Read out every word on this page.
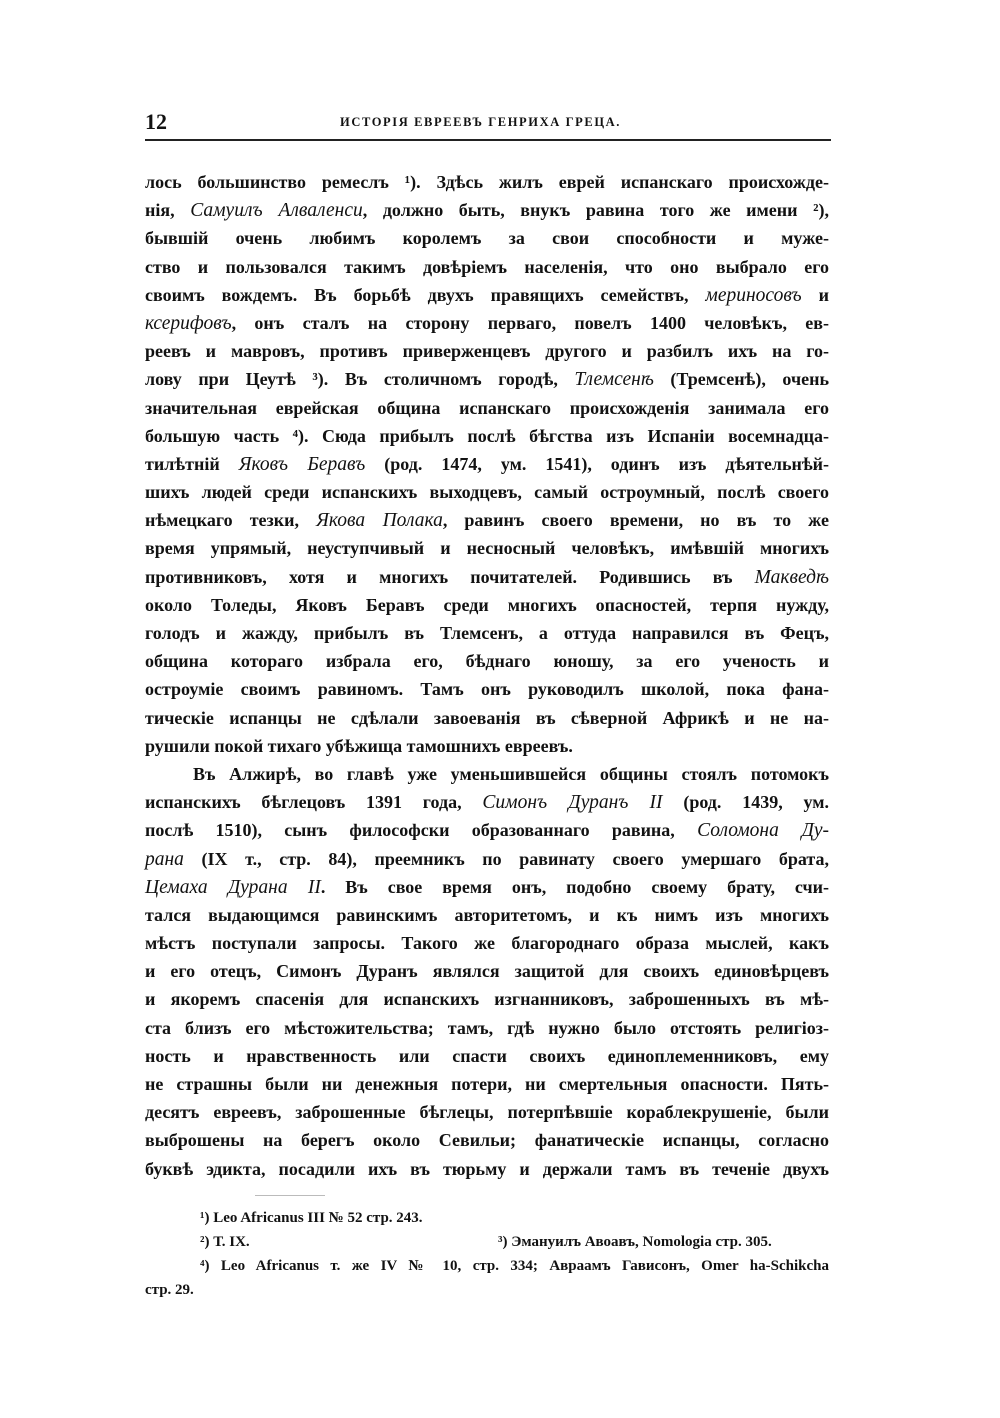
12	ИСТОРІЯ ЕВРЕЕВЪ ГЕНРИХА ГРЕЦА.
лось большинство ремеслъ ¹). Здѣсь жилъ еврей испанскаго происхожде-
нія, Самуилъ Алваленси, должно быть, внукъ равина того же имени ²),
бывшій очень любимъ королемъ за свои способности и муже-
ство и пользовался такимъ довѣріемъ населенія, что оно выбрало его
своимъ вождемъ. Въ борьбѣ двухъ правящихъ семействъ, мериносовъ и
ксерифовъ, онъ сталъ на сторону перваго, повелъ 1400 человѣкъ, ев-
реевъ и мавровъ, противъ приверженцевъ другого и разбилъ ихъ на го-
лову при Цеутѣ ³). Въ столичномъ городѣ, Тлемсенѣ (Тремсенѣ), очень
значительная еврейская община испанскаго происхожденія занимала его
большую часть ⁴). Сюда прибылъ послѣ бѣгства изъ Испаніи восемнадца-
тилѣтній Яковъ Беравъ (род. 1474, ум. 1541), одинъ изъ дѣятельнѣй-
шихъ людей среди испанскихъ выходцевъ, самый остроумный, послѣ своего
нѣмецкаго тезки, Якова Полака, равинъ своего времени, но въ то же
время упрямый, неуступчивый и несносный человѣкъ, имѣвшій многихъ
противниковъ, хотя и многихъ почитателей. Родившись въ Макведѣ
около Толеды, Яковъ Беравъ среди многихъ опасностей, терпя нужду,
голодъ и жажду, прибылъ въ Тлемсенъ, а оттуда направился въ Фецъ,
община котораго избрала его, бѣднаго юношу, за его ученость и
остроуміе своимъ равиномъ. Тамъ онъ руководилъ школой, пока фана-
тическіе испанцы не сдѣлали завоеванія въ сѣверной Африкѣ и не на-
рушили покой тихаго убѣжища тамошнихъ евреевъ.
Въ Алжирѣ, во главѣ уже уменьшившейся общины стоялъ потомокъ
испанскихъ бѣглецовъ 1391 года, Симонъ Дуранъ II (род. 1439, ум.
послѣ 1510), сынъ философски образованнаго равина, Соломона Ду-
рана (IX т., стр. 84), преемникъ по равинату своего умершаго брата,
Цемаха Дурана II. Въ свое время онъ, подобно своему брату, счи-
тался выдающимся равинскимъ авторитетомъ, и къ нимъ изъ многихъ
мѣстъ поступали запросы. Такого же благороднаго образа мыслей, какъ
и его отецъ, Симонъ Дуранъ являлся защитой для своихъ единовѣрцевъ
и якоремъ спасенія для испанскихъ изгнанниковъ, заброшенныхъ въ мѣ-
ста близъ его мѣстожительства; тамъ, гдѣ нужно было отстоять религіоз-
ность и нравственность или спасти своихъ единоплеменниковъ, ему
не страшны были ни денежныя потери, ни смертельныя опасности. Пять-
десятъ евреевъ, заброшенные бѣглецы, потерпѣвшіе кораблекрушеніе, были
выброшены на берегъ около Севильи; фанатическіе испанцы, согласно
буквѣ эдикта, посадили ихъ въ тюрьму и держали тамъ въ теченіе двухъ
¹) Leo Africanus III № 52 стр. 243.
²) Т. IX.	³) Эмануилъ Авоавъ, Nomologia стр. 305.
⁴) Leo Africanus т. же IV № 10, стр. 334; Авраамъ Гависонъ, Omer ha-Schikcha
стр. 29.
